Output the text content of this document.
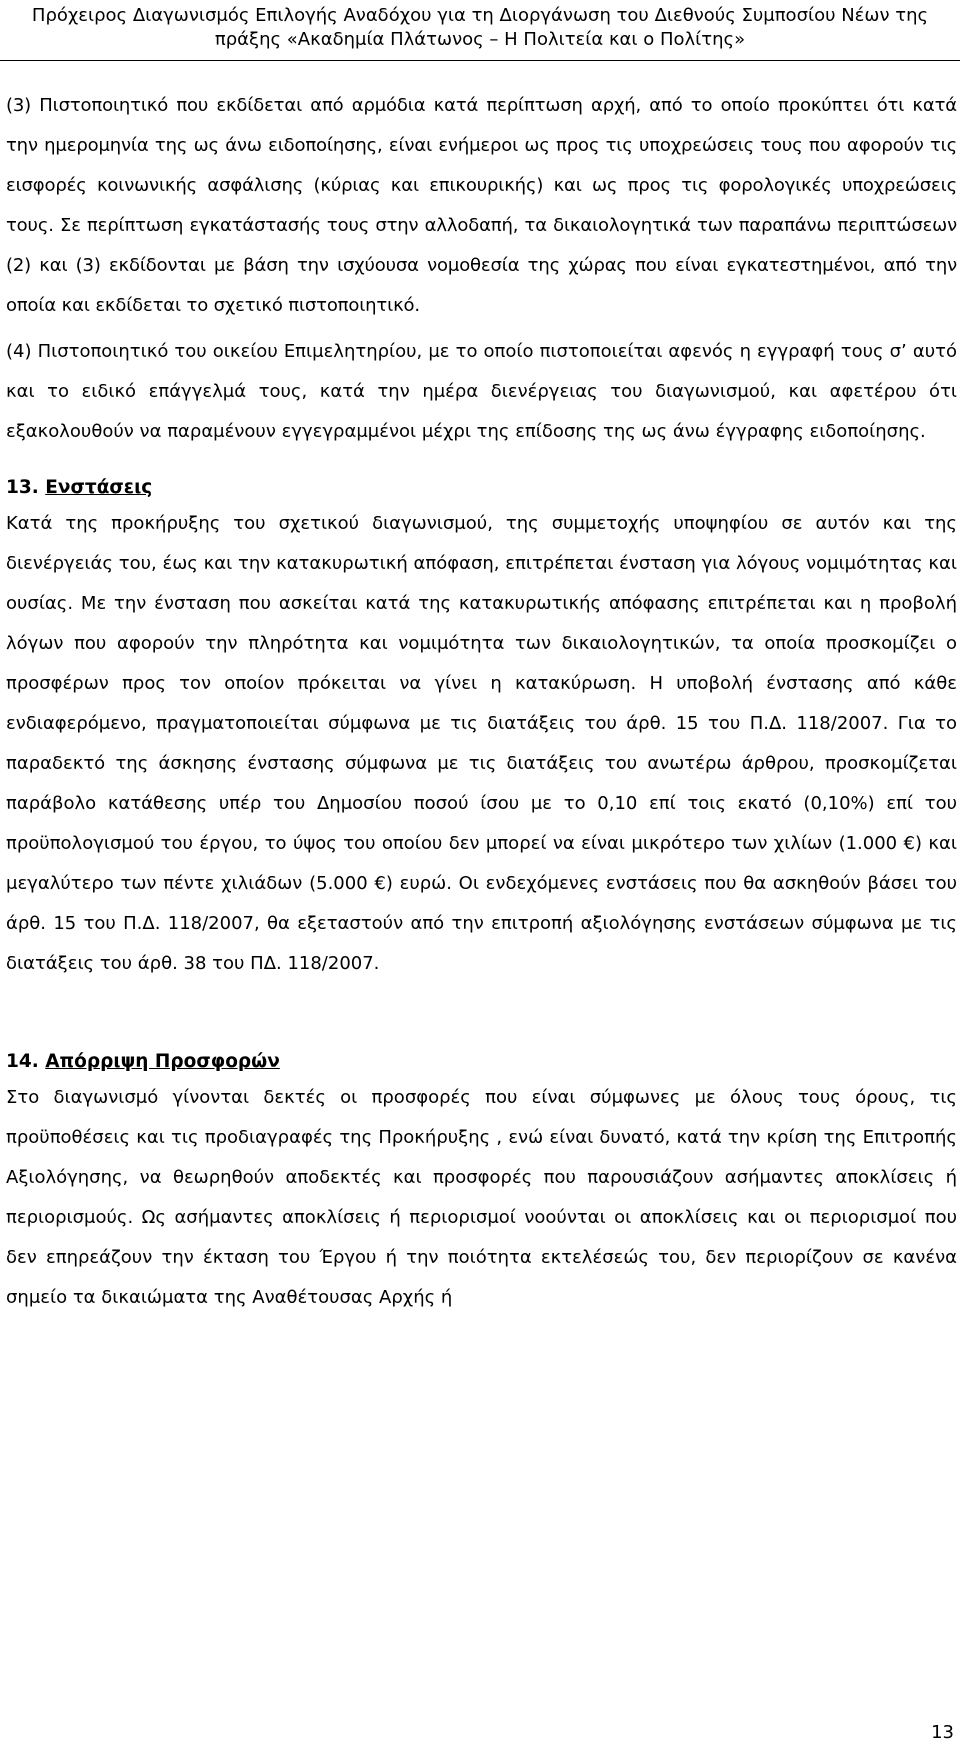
Πρόχειρος Διαγωνισμός Επιλογής Αναδόχου για τη Διοργάνωση του Διεθνούς Συμποσίου Νέων της
πράξης «Ακαδημία Πλάτωνος – Η Πολιτεία και ο Πολίτης»

(3) Πιστοποιητικό που εκδίδεται από αρμόδια κατά περίπτωση αρχή, από το οποίο προκύπτει ότι κατά την ημερομηνία της ως άνω ειδοποίησης, είναι ενήμεροι ως προς τις υποχρεώσεις τους που αφορούν τις εισφορές κοινωνικής ασφάλισης (κύριας και επικουρικής) και ως προς τις φορολογικές υποχρεώσεις τους. Σε περίπτωση εγκατάστασής τους στην αλλοδαπή, τα δικαιολογητικά των παραπάνω περιπτώσεων (2) και (3) εκδίδονται με βάση την ισχύουσα νομοθεσία της χώρας που είναι εγκατεστημένοι, από την οποία και εκδίδεται το σχετικό πιστοποιητικό.

(4) Πιστοποιητικό του οικείου Επιμελητηρίου, με το οποίο πιστοποιείται αφενός η εγγραφή τους σ’ αυτό και το ειδικό επάγγελμά τους, κατά την ημέρα διενέργειας του διαγωνισμού, και αφετέρου ότι εξακολουθούν να παραμένουν εγγεγραμμένοι μέχρι της επίδοσης της ως άνω έγγραφης ειδοποίησης.

13. Ενστάσεις

Κατά της προκήρυξης του σχετικού διαγωνισμού, της συμμετοχής υποψηφίου σε αυτόν και της διενέργειάς του, έως και την κατακυρωτική απόφαση, επιτρέπεται ένσταση για λόγους νομιμότητας και ουσίας. Με την ένσταση που ασκείται κατά της κατακυρωτικής απόφασης επιτρέπεται και η προβολή λόγων που αφορούν την πληρότητα και νομιμότητα των δικαιολογητικών, τα οποία προσκομίζει ο προσφέρων προς τον οποίον πρόκειται να γίνει η κατακύρωση. Η υποβολή ένστασης από κάθε ενδιαφερόμενο, πραγματοποιείται σύμφωνα με τις διατάξεις του άρθ. 15 του Π.Δ. 118/2007. Για το παραδεκτό της άσκησης ένστασης σύμφωνα με τις διατάξεις του ανωτέρω άρθρου, προσκομίζεται παράβολο κατάθεσης υπέρ του Δημοσίου ποσού ίσου με το 0,10 επί τοις εκατό (0,10%) επί του προϋπολογισμού του έργου, το ύψος του οποίου δεν μπορεί να είναι μικρότερο των χιλίων (1.000 €) και μεγαλύτερο των πέντε χιλιάδων (5.000 €) ευρώ. Οι ενδεχόμενες ενστάσεις που θα ασκηθούν βάσει του άρθ. 15 του Π.Δ. 118/2007, θα εξεταστούν από την επιτροπή αξιολόγησης ενστάσεων σύμφωνα με τις διατάξεις του άρθ. 38 του ΠΔ. 118/2007.

14. Απόρριψη Προσφορών

Στο διαγωνισμό γίνονται δεκτές οι προσφορές που είναι σύμφωνες με όλους τους όρους, τις προϋποθέσεις και τις προδιαγραφές της Προκήρυξης , ενώ είναι δυνατό, κατά την κρίση της Επιτροπής Αξιολόγησης, να θεωρηθούν αποδεκτές και προσφορές που παρουσιάζουν ασήμαντες αποκλίσεις ή περιορισμούς. Ως ασήμαντες αποκλίσεις ή περιορισμοί νοούνται οι αποκλίσεις και οι περιορισμοί που δεν επηρεάζουν την έκταση του Έργου ή την ποιότητα εκτελέσεώς του, δεν περιορίζουν σε κανένα σημείο τα δικαιώματα της Αναθέτουσας Αρχής ή

13
